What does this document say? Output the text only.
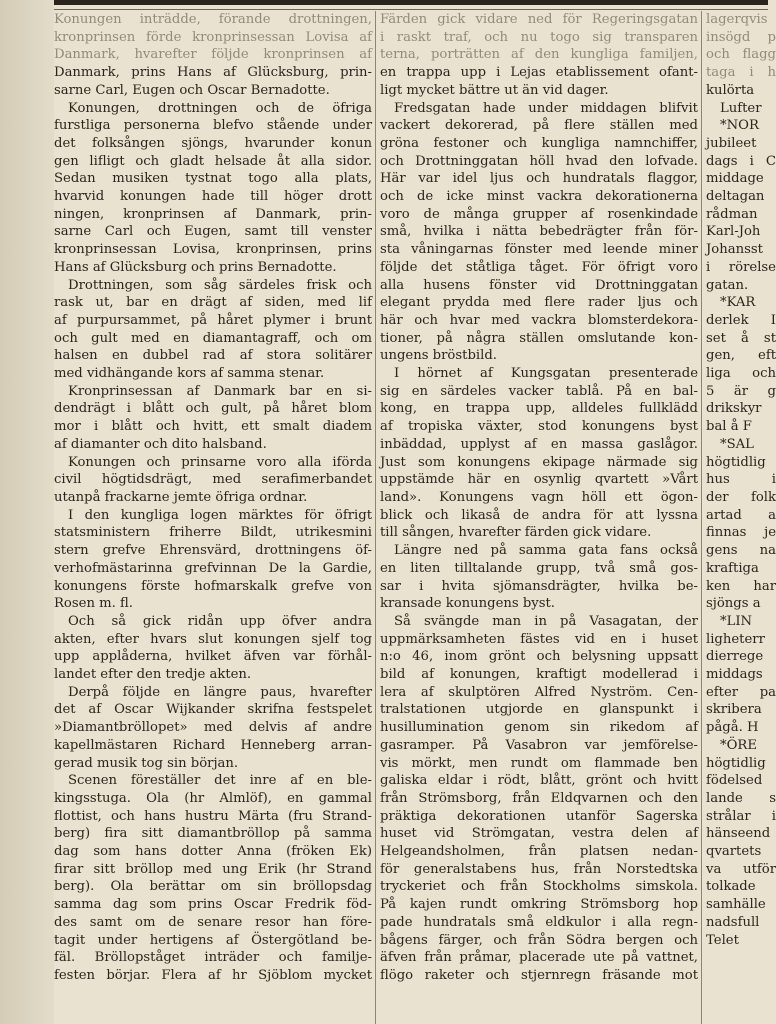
Konungen inträdde, förande drottningen,

kronprinsen förde kronprinsessan Lovisa af

Danmark, hvarefter följde kronprinsen af

Danmark, prins Hans af Glücksburg, prin-

sarne Carl, Eugen och Oscar Bernadotte.

Konungen, drottningen och de öfriga

furstliga personerna blefvo stående under

det folksången sjöngs, hvarunder konun

gen lifligt och gladt helsade åt alla sidor.

Sedan musiken tystnat togo alla plats,

hvarvid konungen hade till höger drott

ningen, kronprinsen af Danmark, prin-

sarne Carl och Eugen, samt till venster

kronprinsessan Lovisa, kronprinsen, prins

Hans af Glücksburg och prins Bernadotte.

Drottningen, som såg särdeles frisk och

rask ut, bar en drägt af siden, med lif

af purpursammet, på håret plymer i brunt

och gult med en diamantagraff, och om

halsen en dubbel rad af stora solitärer

med vidhängande kors af samma stenar.

Kronprinsessan af Danmark bar en si-

dendrägt i blått och gult, på håret blom

mor i blått och hvitt, ett smalt diadem

af diamanter och dito halsband.

Konungen och prinsarne voro alla iförda

civil högtidsdrägt, med serafimerbandet

utanpå frackarne jemte öfriga ordnar.

I den kungliga logen märktes för öfrigt

statsministern friherre Bildt, utrikesmini

stern grefve Ehrensvärd, drottningens öf-

verhofmästarinna grefvinnan De la Gardie,

konungens förste hofmarskalk grefve von

Rosen m. fl.

Och så gick ridån upp öfver andra

akten, efter hvars slut konungen sjelf tog

upp applåderna, hvilket äfven var förhål-

landet efter den tredje akten.

Derpå följde en längre paus, hvarefter

det af Oscar Wijkander skrifna festspelet

»Diamantbröllopet» med delvis af andre

kapellmästaren Richard Henneberg arran-

gerad musik tog sin början.

Scenen föreställer det inre af en ble-

kingsstuga. Ola (hr Almlöf), en gammal

flottist, och hans hustru Märta (fru Strand-

berg) fira sitt diamantbröllop på samma

dag som hans dotter Anna (fröken Ek)

firar sitt bröllop med ung Erik (hr Strand

berg). Ola berättar om sin bröllopsdag

samma dag som prins Oscar Fredrik föd-

des samt om de senare resor han före-

tagit under hertigens af Östergötland be-

fäl. Bröllopståget inträder och familje-

festen börjar. Flera af hr Sjöblom mycket

Färden gick vidare ned för Regeringsgatan

i raskt traf, och nu togo sig transparen

terna, porträtten af den kungliga familjen,

en trappa upp i Lejas etablissement ofant-

ligt mycket bättre ut än vid dager.

Fredsgatan hade under middagen blifvit

vackert dekorerad, på flere ställen med

gröna festoner och kungliga namnchiffer,

och Drottninggatan höll hvad den lofvade.

Här var idel ljus och hundratals flaggor,

och de icke minst vackra dekorationerna

voro de många grupper af rosenkindade

små, hvilka i nätta bebedrägter från för-

sta våningarnas fönster med leende miner

följde det ståtliga tåget. För öfrigt voro

alla husens fönster vid Drottninggatan

elegant prydda med flere rader ljus och

här och hvar med vackra blomsterdekora-

tioner, på några ställen omslutande kon-

ungens bröstbild.

I hörnet af Kungsgatan presenterade

sig en särdeles vacker tablå. På en bal-

kong, en trappa upp, alldeles fullklädd

af tropiska växter, stod konungens byst

inbäddad, upplyst af en massa gaslågor.

Just som konungens ekipage närmade sig

uppstämde här en osynlig qvartett »Vårt

land». Konungens vagn höll ett ögon-

blick och likaså de andra för att lyssna

till sången, hvarefter färden gick vidare.

Längre ned på samma gata fans också

en liten tilltalande grupp, två små gos-

sar i hvita sjömansdrägter, hvilka be-

kransade konungens byst.

Så svängde man in på Vasagatan, der

uppmärksamheten fästes vid en i huset

n:o 46, inom grönt och belysning uppsatt

bild af konungen, kraftigt modellerad i

lera af skulptören Alfred Nyström. Cen-

tralstationen utgjorde en glanspunkt i

husillumination genom sin rikedom af

gasramper. På Vasabron var jemförelse-

vis mörkt, men rundt om flammade ben

galiska eldar i rödt, blått, grönt och hvitt

från Strömsborg, från Eldqvarnen och den

präktiga dekorationen utanför Sagerska

huset vid Strömgatan, vestra delen af

Helgeandsholmen, från platsen nedan-

för generalstabens hus, från Norstedtska

tryckeriet och från Stockholms simskola.

På kajen rundt omkring Strömsborg hop

pade hundratals små eldkulor i alla regn-

bågens färger, och från Södra bergen och

äfven från pråmar, placerade ute på vattnet,

flögo raketer och stjernregn fräsande mot

lagerqvis

insögd p

och flagg

taga i h

kulörta

Lufter

*NOR

jubileet

dags i C

middage

deltagan

rådman

Karl-Joh

Johansst

i rörelse

gatan.

*KAR

derlek I

set å st

gen, eft

liga och

5 är g

drikskyr

bal å F

*SAL

högtidlig

hus i

der folk

artad a

finnas je

gens na

kraftiga

ken har

sjöngs a

*LIN

ligheterr

dierrege

middags

efter pa

skribera

pågå. H

*ÖRE

högtidlig

födelsed

lande s

strålar i

hänseend

qvartets

va utför

tolkade

samhälle

nadsfull

Telet
